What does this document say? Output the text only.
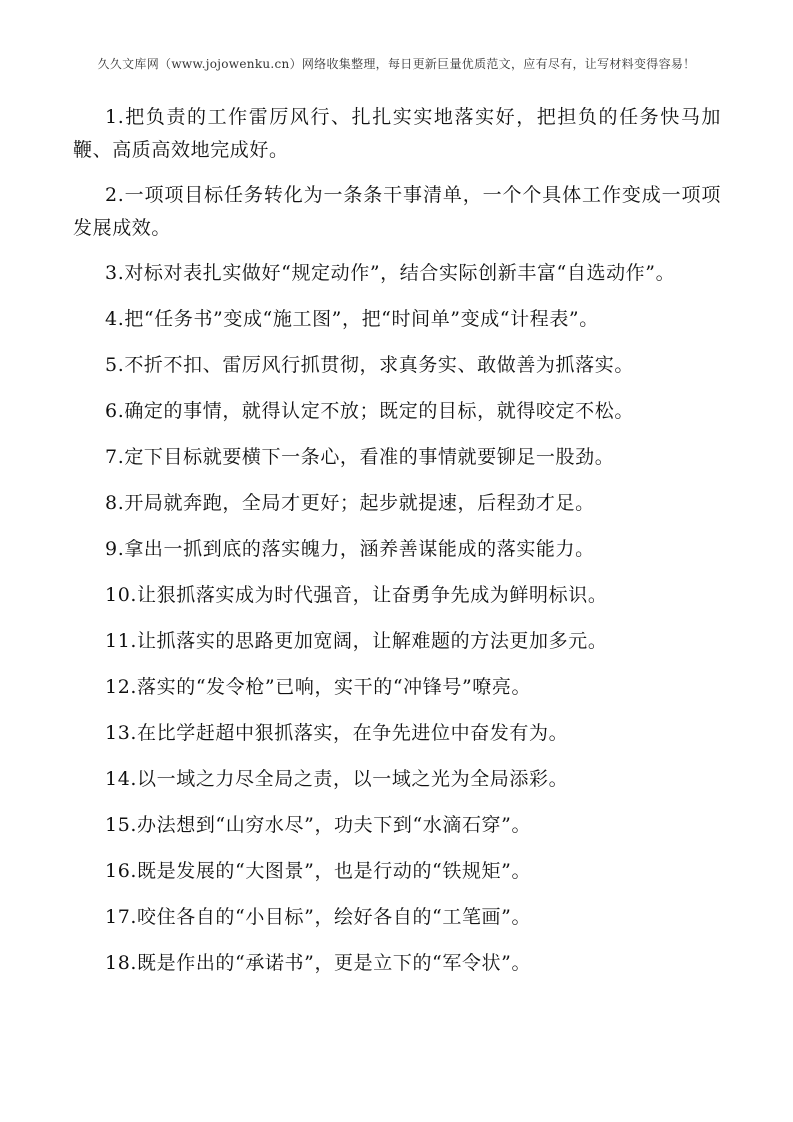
久久文库网（www.jojowenku.cn）网络收集整理，每日更新巨量优质范文，应有尽有，让写材料变得容易！

1.把负责的工作雷厉风行、扎扎实实地落实好，把担负的任务快马加鞭、高质高效地完成好。

2.一项项目标任务转化为一条条干事清单，一个个具体工作变成一项项发展成效。

3.对标对表扎实做好“规定动作”，结合实际创新丰富“自选动作”。

4.把“任务书”变成“施工图”，把“时间单”变成“计程表”。

5.不折不扣、雷厉风行抓贯彻，求真务实、敢做善为抓落实。

6.确定的事情，就得认定不放；既定的目标，就得咬定不松。

7.定下目标就要横下一条心，看准的事情就要铆足一股劲。

8.开局就奔跑，全局才更好；起步就提速，后程劲才足。

9.拿出一抓到底的落实魄力，涵养善谋能成的落实能力。

10.让狠抓落实成为时代强音，让奋勇争先成为鲜明标识。

11.让抓落实的思路更加宽阔，让解难题的方法更加多元。

12.落实的“发令枪”已响，实干的“冲锋号”嘹亮。

13.在比学赶超中狠抓落实，在争先进位中奋发有为。

14.以一域之力尽全局之责，以一域之光为全局添彩。

15.办法想到“山穷水尽”，功夫下到“水滴石穿”。

16.既是发展的“大图景”，也是行动的“铁规矩”。

17.咬住各自的“小目标”，绘好各自的“工笔画”。

18.既是作出的“承诺书”，更是立下的“军令状”。
